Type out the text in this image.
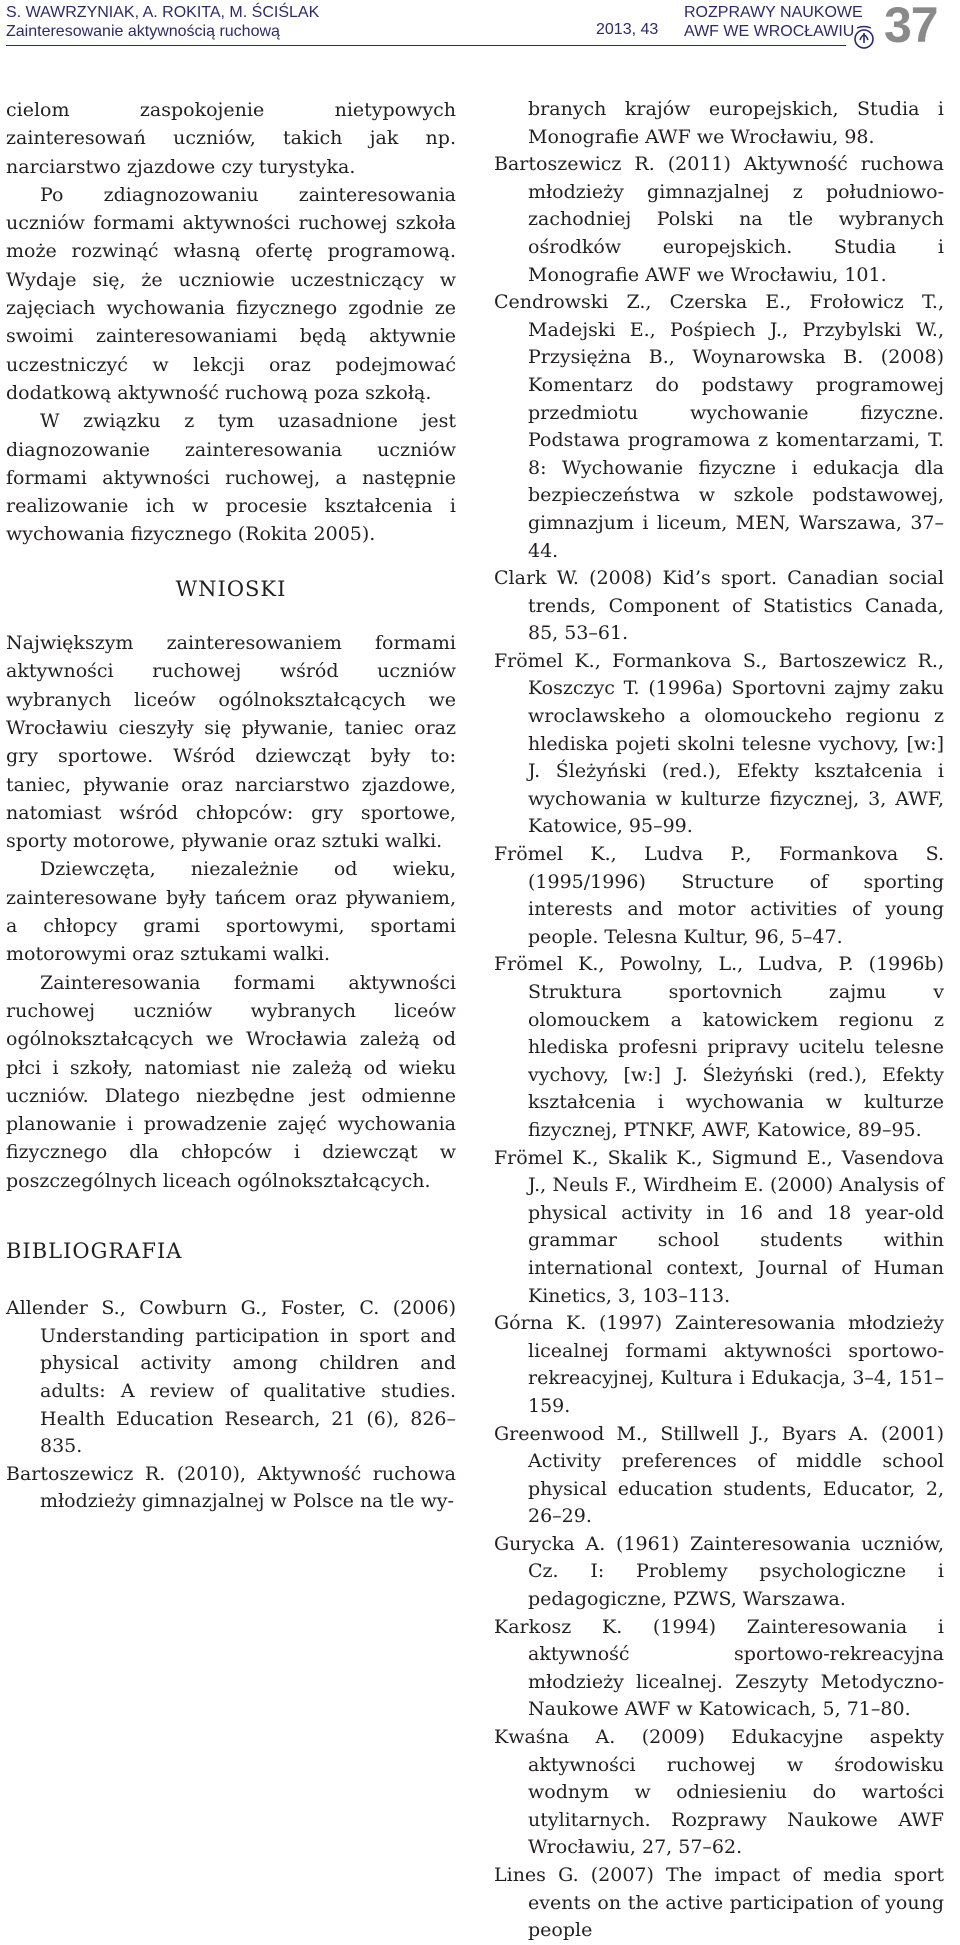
S. WAWRZYNIAK, A. ROKITA, M. ŚCIŚLAK
Zainteresowanie aktywnością ruchową	2013, 43
ROZPRAWY NAUKOWE
AWF WE WROCŁAWIU 37

cielom zaspokojenie nietypowych zainteresowań uczniów, takich jak np. narciarstwo zjazdowe czy turystyka.

Po zdiagnozowaniu zainteresowania uczniów formami aktywności ruchowej szkoła może rozwinąć własną ofertę programową. Wydaje się, że uczniowie uczestniczący w zajęciach wychowania fizycznego zgodnie ze swoimi zainteresowaniami będą aktywnie uczestniczyć w lekcji oraz podejmować dodatkową aktywność ruchową poza szkołą.

W związku z tym uzasadnione jest diagnozowanie zainteresowania uczniów formami aktywności ruchowej, a następnie realizowanie ich w procesie kształcenia i wychowania fizycznego (Rokita 2005).

WNIOSKI

Największym zainteresowaniem formami aktywności ruchowej wśród uczniów wybranych liceów ogólnokształcących we Wrocławiu cieszyły się pływanie, taniec oraz gry sportowe. Wśród dziewcząt były to: taniec, pływanie oraz narciarstwo zjazdowe, natomiast wśród chłopców: gry sportowe, sporty motorowe, pływanie oraz sztuki walki.

Dziewczęta, niezależnie od wieku, zainteresowane były tańcem oraz pływaniem, a chłopcy grami sportowymi, sportami motorowymi oraz sztukami walki.

Zainteresowania formami aktywności ruchowej uczniów wybranych liceów ogólnokształcących we Wrocławia zależą od płci i szkoły, natomiast nie zależą od wieku uczniów. Dlatego niezbędne jest odmienne planowanie i prowadzenie zajęć wychowania fizycznego dla chłopców i dziewcząt w poszczególnych liceach ogólnokształcących.

BIBLIOGRAFIA

Allender S., Cowburn G., Foster, C. (2006) Understanding participation in sport and physical activity among children and adults: A review of qualitative studies. Health Education Research, 21 (6), 826–835.

Bartoszewicz R. (2010), Aktywność ruchowa młodzieży gimnazjalnej w Polsce na tle wy-

branych krajów europejskich, Studia i Monografie AWF we Wrocławiu, 98.

Bartoszewicz R. (2011) Aktywność ruchowa młodzieży gimnazjalnej z południowo-zachodniej Polski na tle wybranych ośrodków europejskich. Studia i Monografie AWF we Wrocławiu, 101.

Cendrowski Z., Czerska E., Frołowicz T., Madejski E., Pośpiech J., Przybylski W., Przysiężna B., Woynarowska B. (2008) Komentarz do podstawy programowej przedmiotu wychowanie fizyczne. Podstawa programowa z komentarzami, T. 8: Wychowanie fizyczne i edukacja dla bezpieczeństwa w szkole podstawowej, gimnazjum i liceum, MEN, Warszawa, 37–44.

Clark W. (2008) Kid’s sport. Canadian social trends, Component of Statistics Canada, 85, 53–61.

Frömel K., Formankova S., Bartoszewicz R., Koszczyc T. (1996a) Sportovni zajmy zaku wroclawskeho a olomouckeho regionu z hlediska pojeti skolni telesne vychovy, [w:] J. Śleżyński (red.), Efekty kształcenia i wychowania w kulturze fizycznej, 3, AWF, Katowice, 95–99.

Frömel K., Ludva P., Formankova S. (1995/1996) Structure of sporting interests and motor activities of young people. Telesna Kultur, 96, 5–47.

Frömel K., Powolny, L., Ludva, P. (1996b) Struktura sportovnich zajmu v olomouckem a katowickem regionu z hlediska profesni pripravy ucitelu telesne vychovy, [w:] J. Śleżyński (red.), Efekty kształcenia i wychowania w kulturze fizycznej, PTNKF, AWF, Katowice, 89–95.

Frömel K., Skalik K., Sigmund E., Vasendova J., Neuls F., Wirdheim E. (2000) Analysis of physical activity in 16 and 18 year-old grammar school students within international context, Journal of Human Kinetics, 3, 103–113.

Górna K. (1997) Zainteresowania młodzieży licealnej formami aktywności sportowo-rekreacyjnej, Kultura i Edukacja, 3–4, 151–159.

Greenwood M., Stillwell J., Byars A. (2001) Activity preferences of middle school physical education students, Educator, 2, 26–29.

Gurycka A. (1961) Zainteresowania uczniów, Cz. I: Problemy psychologiczne i pedagogiczne, PZWS, Warszawa.

Karkosz K. (1994) Zainteresowania i aktywność sportowo-rekreacyjna młodzieży licealnej. Zeszyty Metodyczno-Naukowe AWF w Katowicach, 5, 71–80.

Kwaśna A. (2009) Edukacyjne aspekty aktywności ruchowej w środowisku wodnym w odniesieniu do wartości utylitarnych. Rozprawy Naukowe AWF Wrocławiu, 27, 57–62.

Lines G. (2007) The impact of media sport events on the active participation of young people
